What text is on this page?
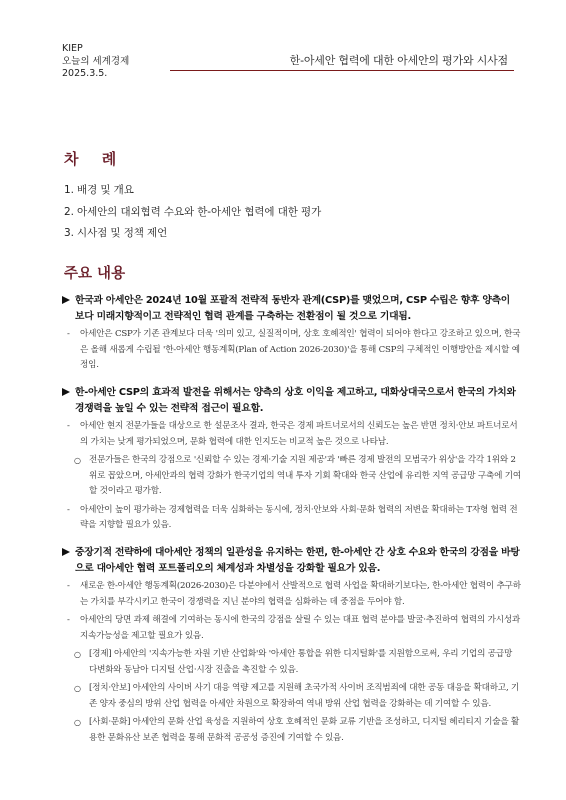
KIEP
오늘의 세계경제
2025.3.5.
한-아세안 협력에 대한 아세안의 평가와 시사점
차 례
1. 배경 및 개요
2. 아세안의 대외협력 수요와 한-아세안 협력에 대한 평가
3. 시사점 및 정책 제언
주요 내용
한국과 아세안은 2024년 10월 포괄적 전략적 동반자 관계(CSP)를 맺었으며, CSP 수립은 향후 양측이 보다 미래지향적이고 전략적인 협력 관계를 구축하는 전환점이 될 것으로 기대됨.
- 아세안은 CSP가 기존 관계보다 더욱 '의미 있고, 실질적이며, 상호 호혜적인' 협력이 되어야 한다고 강조하고 있으며, 한국은 올해 새롭게 수립될 '한-아세안 행동계획(Plan of Action 2026-2030)'을 통해 CSP의 구체적인 이행방안을 제시할 예정임.
한-아세안 CSP의 효과적 발전을 위해서는 양측의 상호 이익을 제고하고, 대화상대국으로서 한국의 가치와 경쟁력을 높일 수 있는 전략적 접근이 필요함.
- 아세안 현지 전문가들을 대상으로 한 설문조사 결과, 한국은 경제 파트너로서의 신뢰도는 높은 반면 정치·안보 파트너로서의 가치는 낮게 평가되었으며, 문화 협력에 대한 인지도는 비교적 높은 것으로 나타남.
○ 전문가들은 한국의 강점으로 '신뢰할 수 있는 경제·기술 지원 제공'과 '빠른 경제 발전의 모범국가 위상'을 각각 1위와 2위로 꼽았으며, 아세안과의 협력 강화가 한국기업의 역내 투자 기회 확대와 한국 산업에 유리한 지역 공급망 구축에 기여할 것이라고 평가함.
- 아세안이 높이 평가하는 경제협력을 더욱 심화하는 동시에, 정치·안보와 사회·문화 협력의 저변을 확대하는 T자형 협력 전략을 지향할 필요가 있음.
중장기적 전략하에 대아세안 정책의 일관성을 유지하는 한편, 한-아세안 간 상호 수요와 한국의 강점을 바탕으로 대아세안 협력 포트폴리오의 체계성과 차별성을 강화할 필요가 있음.
- 새로운 한-아세안 행동계획(2026-2030)은 다분야에서 산발적으로 협력 사업을 확대하기보다는, 한-아세안 협력이 추구하는 가치를 부각시키고 한국이 경쟁력을 지닌 분야의 협력을 심화하는 데 중점을 두어야 함.
- 아세안의 당면 과제 해결에 기여하는 동시에 한국의 강점을 살릴 수 있는 대표 협력 분야를 발굴·추진하여 협력의 가시성과 지속가능성을 제고할 필요가 있음.
○ [경제] 아세안의 '지속가능한 자원 기반 산업화'와 '아세안 통합을 위한 디지털화'를 지원함으로써, 우리 기업의 공급망 다변화와 동남아 디지털 산업·시장 진출을 촉진할 수 있음.
○ [정치·안보] 아세안의 사이버 사기 대응 역량 제고를 지원해 초국가적 사이버 조직범죄에 대한 공동 대응을 확대하고, 기존 양자 중심의 방위 산업 협력을 아세안 차원으로 확장하여 역내 방위 산업 협력을 강화하는 데 기여할 수 있음.
○ [사회·문화] 아세안의 문화 산업 육성을 지원하여 상호 호혜적인 문화 교류 기반을 조성하고, 디지털 헤리티지 기술을 활용한 문화유산 보존 협력을 통해 문화적 공공성 증진에 기여할 수 있음.
